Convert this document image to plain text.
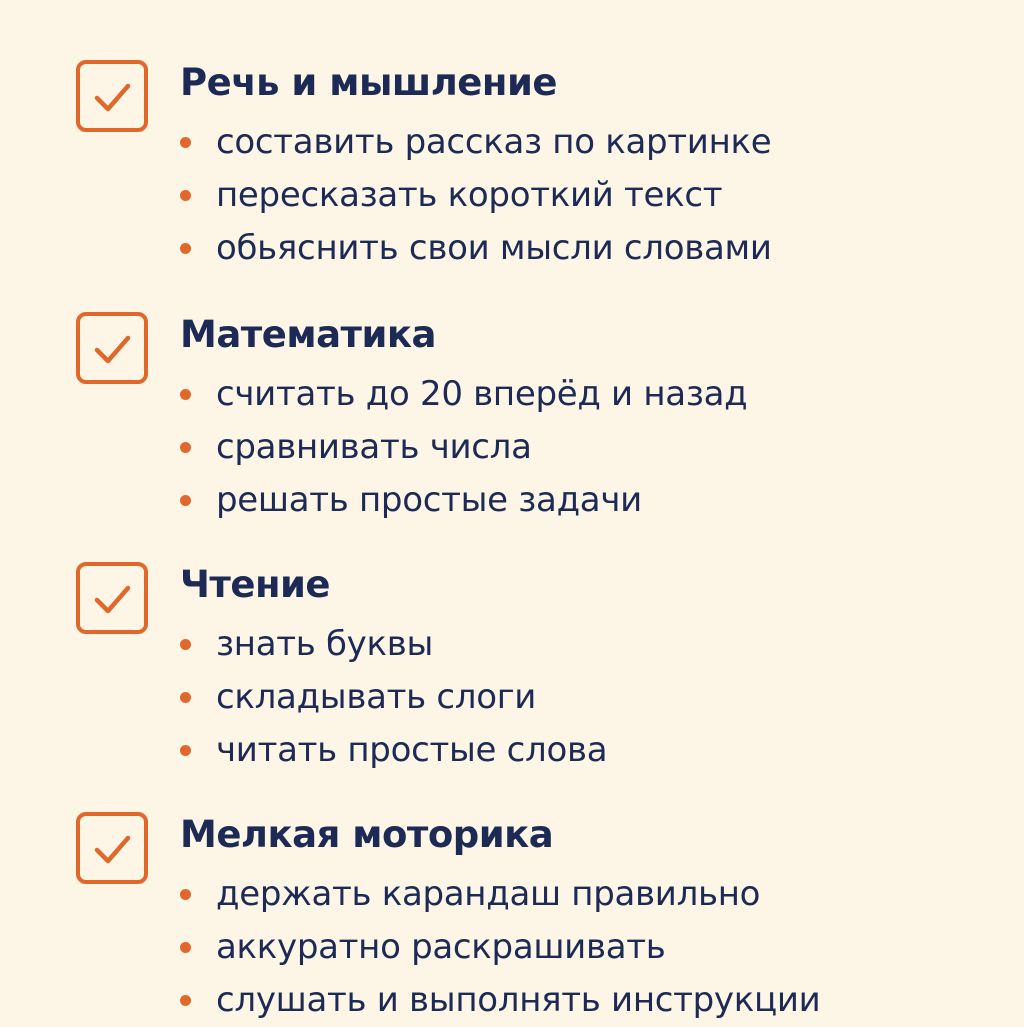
Речь и мышление
составить рассказ по картинке
пересказать короткий текст
обьяснить свои мысли словами
Математика
считать до 20 вперёд и назад
сравнивать числа
решать простые задачи
Чтение
знать буквы
складывать слоги
читать простые слова
Мелкая моторика
держать карандаш правильно
аккуратно раскрашивать
слушать и выполнять инструкции
